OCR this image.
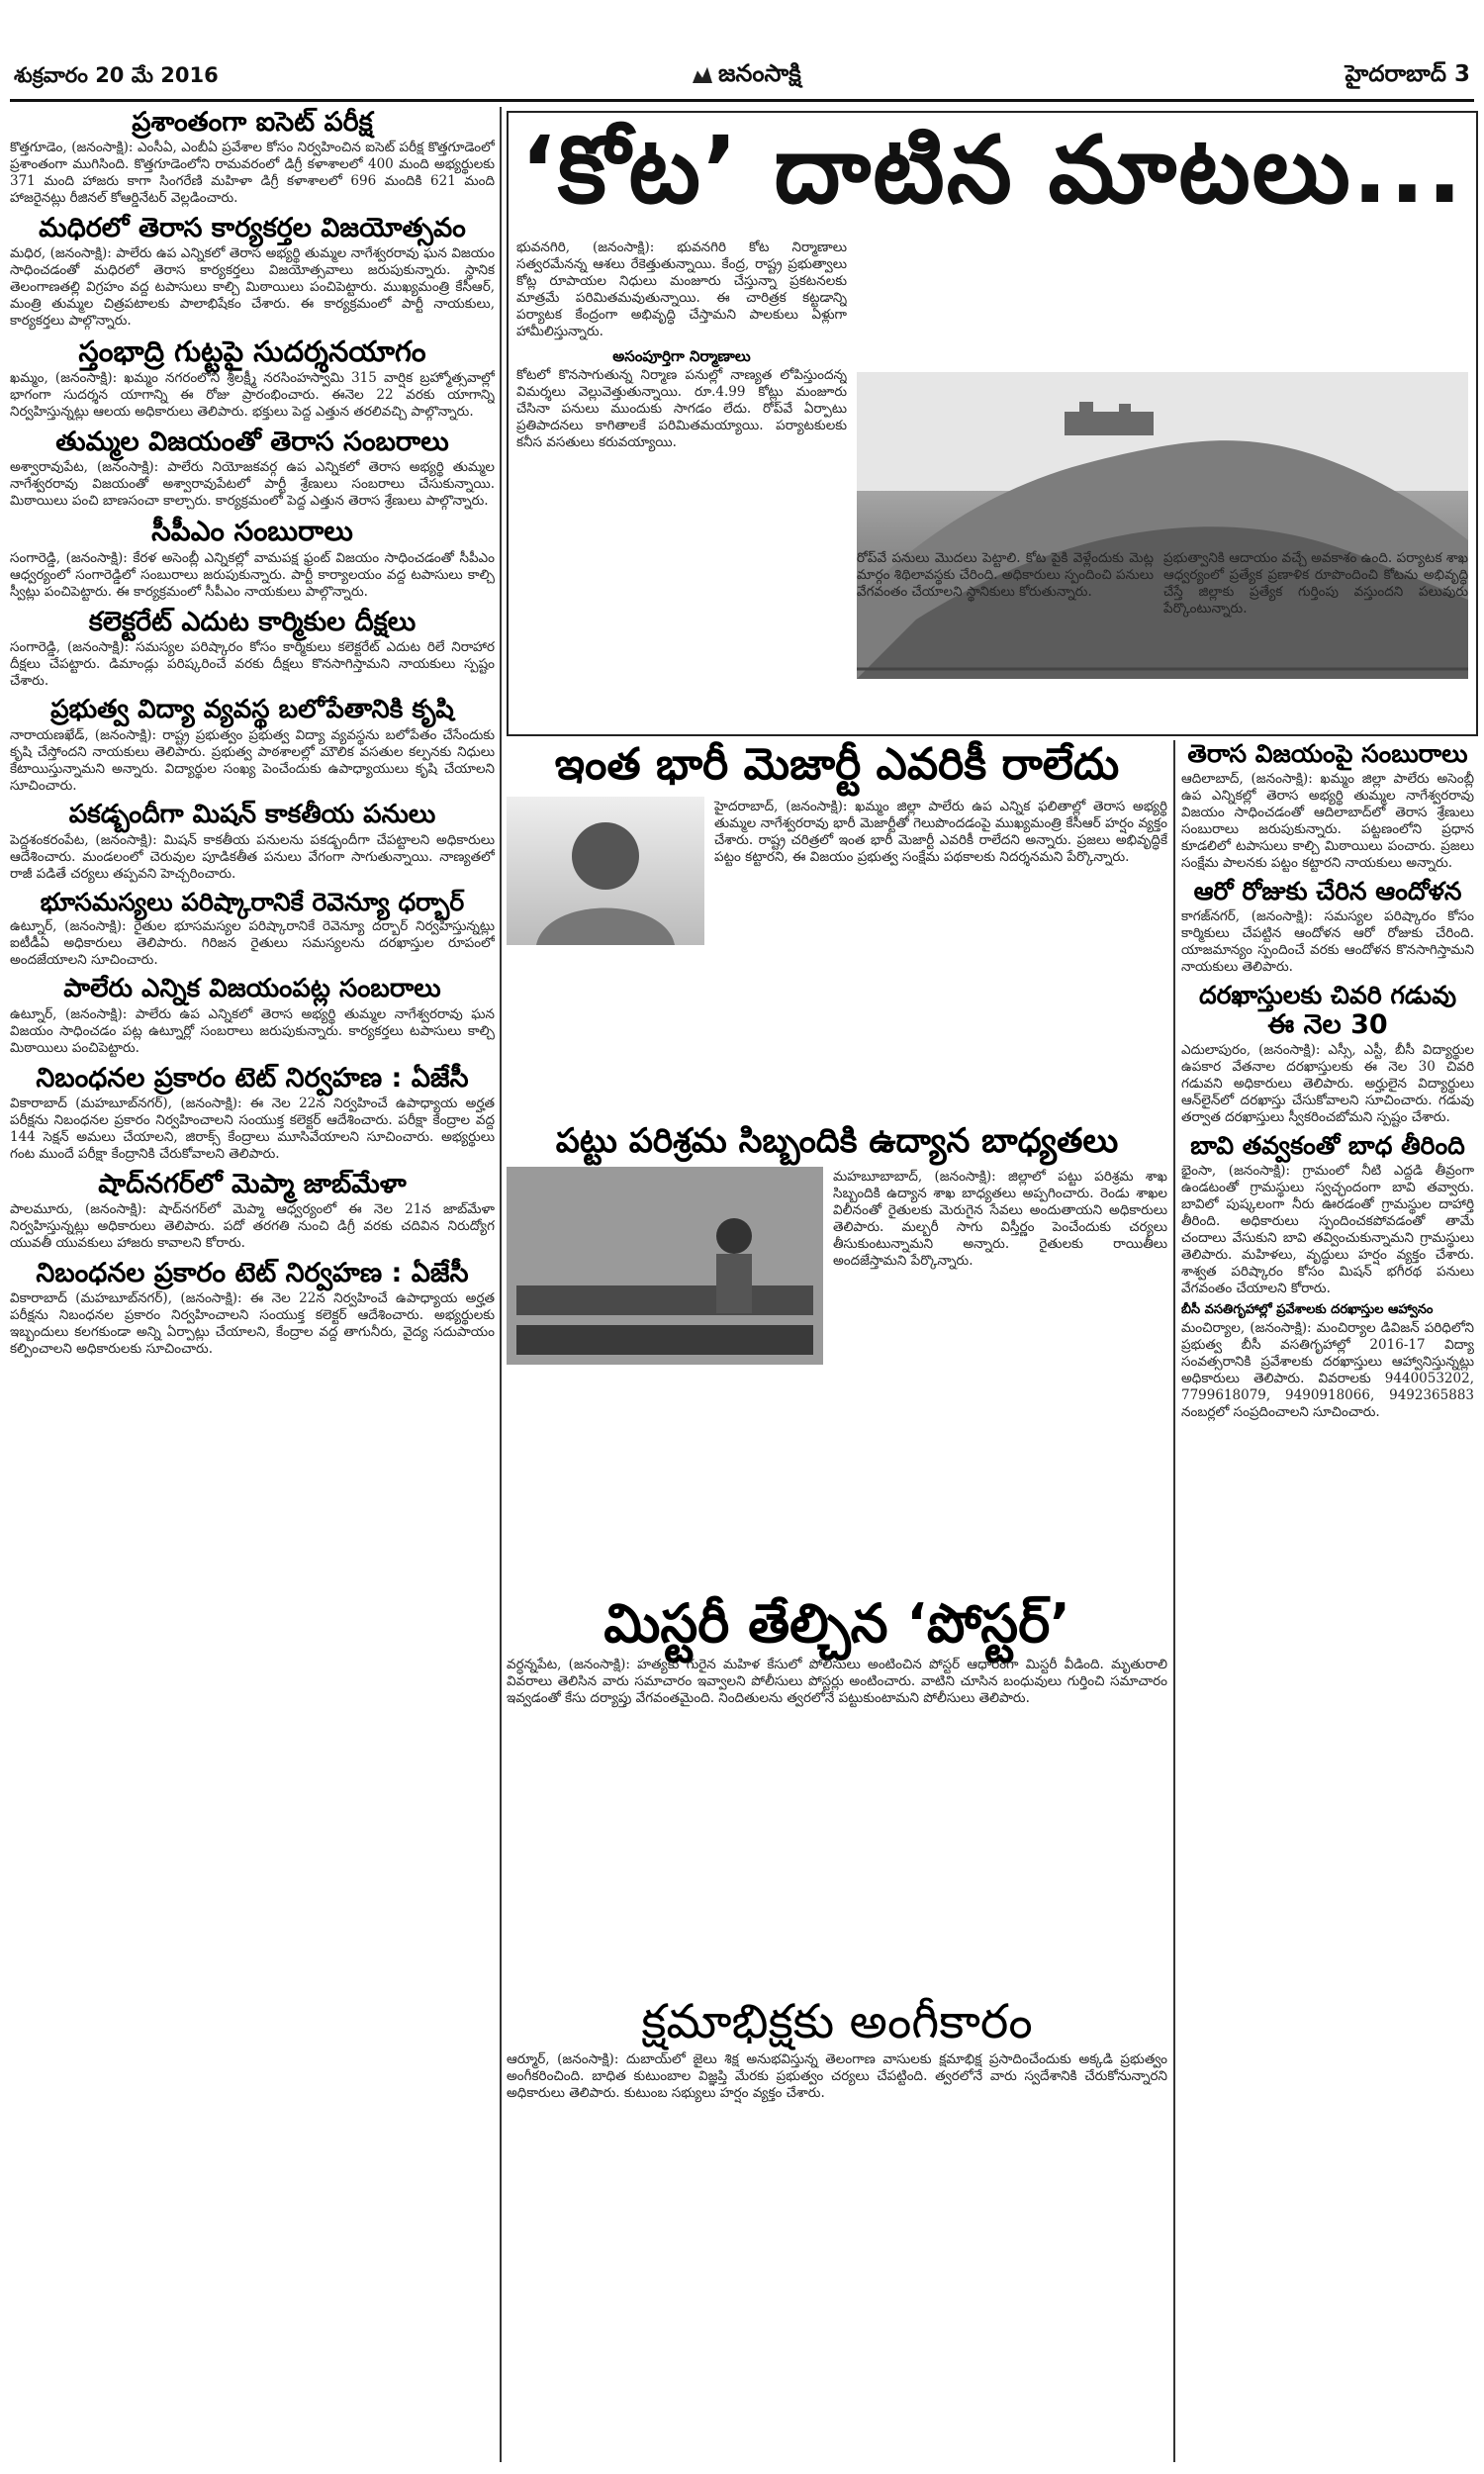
శుక్రవారం 20 మే 2016	జనంసాక్షి	హైదరాబాద్ 3
ప్రశాంతంగా ఐసెట్ పరీక్ష

కొత్తగూడెం, (జనంసాక్షి): ఎంసీఏ, ఎంబీఏ ప్రవేశాల కోసం నిర్వహించిన ఐసెట్ పరీక్ష కొత్తగూడెంలో ప్రశాంతంగా ముగిసింది. కొత్తగూడెంలోని రామవరంలో డిగ్రీ కళాశాలలో 400 మంది అభ్యర్థులకు 371 మంది హాజరు కాగా సింగరేణి మహిళా డిగ్రీ కళాశాలలో 696 మందికి 621 మంది హాజరైనట్లు రీజినల్ కోఆర్డినేటర్ వెల్లడించారు.

మధిరలో తెరాస కార్యకర్తల విజయోత్సవం

మధిర, (జనంసాక్షి): పాలేరు ఉప ఎన్నికలో తెరాస అభ్యర్థి తుమ్మల నాగేశ్వరరావు ఘన విజయం సాధించడంతో మధిరలో తెరాస కార్యకర్తలు విజయోత్సవాలు జరుపుకున్నారు. స్థానిక తెలంగాణతల్లి విగ్రహం వద్ద టపాసులు కాల్చి మిఠాయిలు పంచిపెట్టారు. ముఖ్యమంత్రి కేసీఆర్, మంత్రి తుమ్మల చిత్రపటాలకు పాలాభిషేకం చేశారు. ఈ కార్యక్రమంలో పార్టీ నాయకులు, కార్యకర్తలు పాల్గొన్నారు.

స్తంభాద్రి గుట్టపై సుదర్శనయాగం

ఖమ్మం, (జనంసాక్షి): ఖమ్మం నగరంలోని శ్రీలక్ష్మీ నరసింహస్వామి 315 వార్షిక బ్రహ్మోత్సవాల్లో భాగంగా సుదర్శన యాగాన్ని ఈ రోజు ప్రారంభించారు. ఈనెల 22 వరకు యాగాన్ని నిర్వహిస్తున్నట్లు ఆలయ అధికారులు తెలిపారు. భక్తులు పెద్ద ఎత్తున తరలివచ్చి పాల్గొన్నారు.

తుమ్మల విజయంతో తెరాస సంబరాలు

అశ్వారావుపేట, (జనంసాక్షి): పాలేరు నియోజకవర్గ ఉప ఎన్నికలో తెరాస అభ్యర్థి తుమ్మల నాగేశ్వరరావు విజయంతో అశ్వారావుపేటలో పార్టీ శ్రేణులు సంబరాలు చేసుకున్నాయి. మిఠాయిలు పంచి బాణసంచా కాల్చారు. కార్యక్రమంలో పెద్ద ఎత్తున తెరాస శ్రేణులు పాల్గొన్నారు.

సీపీఎం సంబురాలు

సంగారెడ్డి, (జనంసాక్షి): కేరళ అసెంబ్లీ ఎన్నికల్లో వామపక్ష ఫ్రంట్ విజయం సాధించడంతో సీపీఎం ఆధ్వర్యంలో సంగారెడ్డిలో సంబురాలు జరుపుకున్నారు. పార్టీ కార్యాలయం వద్ద టపాసులు కాల్చి స్వీట్లు పంచిపెట్టారు. ఈ కార్యక్రమంలో సీపీఎం నాయకులు పాల్గొన్నారు.

కలెక్టరేట్ ఎదుట కార్మికుల దీక్షలు

సంగారెడ్డి, (జనంసాక్షి): సమస్యల పరిష్కారం కోసం కార్మికులు కలెక్టరేట్ ఎదుట రిలే నిరాహార దీక్షలు చేపట్టారు. డిమాండ్లు పరిష్కరించే వరకు దీక్షలు కొనసాగిస్తామని నాయకులు స్పష్టం చేశారు.

ప్రభుత్వ విద్యా వ్యవస్థ బలోపేతానికి కృషి

నారాయణఖేడ్, (జనంసాక్షి): రాష్ట్ర ప్రభుత్వం ప్రభుత్వ విద్యా వ్యవస్థను బలోపేతం చేసేందుకు కృషి చేస్తోందని నాయకులు తెలిపారు. ప్రభుత్వ పాఠశాలల్లో మౌలిక వసతుల కల్పనకు నిధులు కేటాయిస్తున్నామని అన్నారు. విద్యార్థుల సంఖ్య పెంచేందుకు ఉపాధ్యాయులు కృషి చేయాలని సూచించారు.

పకడ్బందీగా మిషన్ కాకతీయ పనులు

పెద్దశంకరంపేట, (జనంసాక్షి): మిషన్ కాకతీయ పనులను పకడ్బందీగా చేపట్టాలని అధికారులు ఆదేశించారు. మండలంలో చెరువుల పూడికతీత పనులు వేగంగా సాగుతున్నాయి. నాణ్యతలో రాజీ పడితే చర్యలు తప్పవని హెచ్చరించారు.

భూసమస్యలు పరిష్కారానికే రెవెన్యూ ధర్బార్

ఉట్నూర్, (జనంసాక్షి): రైతుల భూసమస్యల పరిష్కారానికే రెవెన్యూ దర్బార్ నిర్వహిస్తున్నట్లు ఐటీడీఏ అధికారులు తెలిపారు. గిరిజన రైతులు సమస్యలను దరఖాస్తుల రూపంలో అందజేయాలని సూచించారు.

పాలేరు ఎన్నిక విజయంపట్ల సంబరాలు

ఉట్నూర్, (జనంసాక్షి): పాలేరు ఉప ఎన్నికలో తెరాస అభ్యర్థి తుమ్మల నాగేశ్వరరావు ఘన విజయం సాధించడం పట్ల ఉట్నూర్లో సంబరాలు జరుపుకున్నారు. కార్యకర్తలు టపాసులు కాల్చి మిఠాయిలు పంచిపెట్టారు.

నిబంధనల ప్రకారం టెట్ నిర్వహణ : ఏజేసీ

వికారాబాద్ (మహబూబ్‌నగర్), (జనంసాక్షి): ఈ నెల 22న నిర్వహించే ఉపాధ్యాయ అర్హత పరీక్షను నిబంధనల ప్రకారం నిర్వహించాలని సంయుక్త కలెక్టర్ ఆదేశించారు. పరీక్షా కేంద్రాల వద్ద 144 సెక్షన్ అమలు చేయాలని, జిరాక్స్ కేంద్రాలు మూసివేయాలని సూచించారు. అభ్యర్థులు గంట ముందే పరీక్షా కేంద్రానికి చేరుకోవాలని తెలిపారు.

షాద్‌నగర్‌లో మెప్మా జాబ్‌మేళా

పాలమూరు, (జనంసాక్షి): షాద్‌నగర్‌లో మెప్మా ఆధ్వర్యంలో ఈ నెల 21న జాబ్‌మేళా నిర్వహిస్తున్నట్లు అధికారులు తెలిపారు. పదో తరగతి నుంచి డిగ్రీ వరకు చదివిన నిరుద్యోగ యువతీ యువకులు హాజరు కావాలని కోరారు.

నిబంధనల ప్రకారం టెట్ నిర్వహణ : ఏజేసీ

వికారాబాద్ (మహబూబ్‌నగర్), (జనంసాక్షి): ఈ నెల 22న నిర్వహించే ఉపాధ్యాయ అర్హత పరీక్షను నిబంధనల ప్రకారం నిర్వహించాలని సంయుక్త కలెక్టర్ ఆదేశించారు. అభ్యర్థులకు ఇబ్బందులు కలగకుండా అన్ని ఏర్పాట్లు చేయాలని, కేంద్రాల వద్ద తాగునీరు, వైద్య సదుపాయం కల్పించాలని అధికారులకు సూచించారు.

‘కోట’ దాటిన మాటలు...

భువనగిరి, (జనంసాక్షి): భువనగిరి కోట నిర్మాణాలు సత్వరమేనన్న ఆశలు రేకెత్తుతున్నాయి. కేంద్ర, రాష్ట్ర ప్రభుత్వాలు కోట్ల రూపాయల నిధులు మంజూరు చేస్తున్నా ప్రకటనలకు మాత్రమే పరిమితమవుతున్నాయి. ఈ చారిత్రక కట్టడాన్ని పర్యాటక కేంద్రంగా అభివృద్ధి చేస్తామని పాలకులు ఏళ్లుగా హామీలిస్తున్నారు.

అసంపూర్తిగా నిర్మాణాలు

కోటలో కొనసాగుతున్న నిర్మాణ పనుల్లో నాణ్యత లోపిస్తుందన్న విమర్శలు వెల్లువెత్తుతున్నాయి. రూ.4.99 కోట్లు మంజూరు చేసినా పనులు ముందుకు సాగడం లేదు. రోప్‌వే ఏర్పాటు ప్రతిపాదనలు కాగితాలకే పరిమితమయ్యాయి. పర్యాటకులకు కనీస వసతులు కరువయ్యాయి.

రోప్‌వే పనులు మొదలు పెట్టాలి. కోట పైకి వెళ్లేందుకు మెట్ల మార్గం శిథిలావస్థకు చేరింది. అధికారులు స్పందించి పనులు వేగవంతం చేయాలని స్థానికులు కోరుతున్నారు.

ప్రభుత్వానికి ఆదాయం వచ్చే అవకాశం ఉంది. పర్యాటక శాఖ ఆధ్వర్యంలో ప్రత్యేక ప్రణాళిక రూపొందించి కోటను అభివృద్ధి చేస్తే జిల్లాకు ప్రత్యేక గుర్తింపు వస్తుందని పలువురు పేర్కొంటున్నారు.

ఇంత భారీ మెజార్టీ ఎవరికీ రాలేదు

హైదరాబాద్, (జనంసాక్షి): ఖమ్మం జిల్లా పాలేరు ఉప ఎన్నిక ఫలితాల్లో తెరాస అభ్యర్థి తుమ్మల నాగేశ్వరరావు భారీ మెజార్టీతో గెలుపొందడంపై ముఖ్యమంత్రి కేసీఆర్ హర్షం వ్యక్తం చేశారు. రాష్ట్ర చరిత్రలో ఇంత భారీ మెజార్టీ ఎవరికీ రాలేదని అన్నారు. ప్రజలు అభివృద్ధికే పట్టం కట్టారని, ఈ విజయం ప్రభుత్వ సంక్షేమ పథకాలకు నిదర్శనమని పేర్కొన్నారు.

పట్టు పరిశ్రమ సిబ్బందికి ఉద్యాన బాధ్యతలు

మహబూబాబాద్, (జనంసాక్షి): జిల్లాలో పట్టు పరిశ్రమ శాఖ సిబ్బందికి ఉద్యాన శాఖ బాధ్యతలు అప్పగించారు. రెండు శాఖల విలీనంతో రైతులకు మెరుగైన సేవలు అందుతాయని అధికారులు తెలిపారు. మల్బరీ సాగు విస్తీర్ణం పెంచేందుకు చర్యలు తీసుకుంటున్నామని అన్నారు. రైతులకు రాయితీలు అందజేస్తామని పేర్కొన్నారు.

మిస్టరీ తేల్చిన ‘పోస్టర్’

వర్ధన్నపేట, (జనంసాక్షి): హత్యకు గురైన మహిళ కేసులో పోలీసులు అంటించిన పోస్టర్ ఆధారంగా మిస్టరీ వీడింది. మృతురాలి వివరాలు తెలిసిన వారు సమాచారం ఇవ్వాలని పోలీసులు పోస్టర్లు అంటించారు. వాటిని చూసిన బంధువులు గుర్తించి సమాచారం ఇవ్వడంతో కేసు దర్యాప్తు వేగవంతమైంది. నిందితులను త్వరలోనే పట్టుకుంటామని పోలీసులు తెలిపారు.

క్షమాభిక్షకు అంగీకారం

ఆర్మూర్, (జనంసాక్షి): దుబాయ్‌లో జైలు శిక్ష అనుభవిస్తున్న తెలంగాణ వాసులకు క్షమాభిక్ష ప్రసాదించేందుకు అక్కడి ప్రభుత్వం అంగీకరించింది. బాధిత కుటుంబాల విజ్ఞప్తి మేరకు ప్రభుత్వం చర్యలు చేపట్టింది. త్వరలోనే వారు స్వదేశానికి చేరుకోనున్నారని అధికారులు తెలిపారు. కుటుంబ సభ్యులు హర్షం వ్యక్తం చేశారు.

తెరాస విజయంపై సంబురాలు

ఆదిలాబాద్, (జనంసాక్షి): ఖమ్మం జిల్లా పాలేరు అసెంబ్లీ ఉప ఎన్నికల్లో తెరాస అభ్యర్థి తుమ్మల నాగేశ్వరరావు విజయం సాధించడంతో ఆదిలాబాద్‌లో తెరాస శ్రేణులు సంబురాలు జరుపుకున్నారు. పట్టణంలోని ప్రధాన కూడలిలో టపాసులు కాల్చి మిఠాయిలు పంచారు. ప్రజలు సంక్షేమ పాలనకు పట్టం కట్టారని నాయకులు అన్నారు.

ఆరో రోజుకు చేరిన ఆందోళన

కాగజ్‌నగర్, (జనంసాక్షి): సమస్యల పరిష్కారం కోసం కార్మికులు చేపట్టిన ఆందోళన ఆరో రోజుకు చేరింది. యాజమాన్యం స్పందించే వరకు ఆందోళన కొనసాగిస్తామని నాయకులు తెలిపారు.

దరఖాస్తులకు చివరి గడువు
ఈ నెల 30

ఎదులాపురం, (జనంసాక్షి): ఎస్సీ, ఎస్టీ, బీసీ విద్యార్థుల ఉపకార వేతనాల దరఖాస్తులకు ఈ నెల 30 చివరి గడువని అధికారులు తెలిపారు. అర్హులైన విద్యార్థులు ఆన్‌లైన్‌లో దరఖాస్తు చేసుకోవాలని సూచించారు. గడువు తర్వాత దరఖాస్తులు స్వీకరించబోమని స్పష్టం చేశారు.

బావి తవ్వకంతో బాధ తీరింది

భైంసా, (జనంసాక్షి): గ్రామంలో నీటి ఎద్దడి తీవ్రంగా ఉండటంతో గ్రామస్థులు స్వచ్ఛందంగా బావి తవ్వారు. బావిలో పుష్కలంగా నీరు ఊరడంతో గ్రామస్థుల దాహార్తి తీరింది. అధికారులు స్పందించకపోవడంతో తామే చందాలు వేసుకుని బావి తవ్వించుకున్నామని గ్రామస్థులు తెలిపారు. మహిళలు, వృద్ధులు హర్షం వ్యక్తం చేశారు. శాశ్వత పరిష్కారం కోసం మిషన్ భగీరథ పనులు వేగవంతం చేయాలని కోరారు.

బీసీ వసతిగృహాల్లో ప్రవేశాలకు దరఖాస్తుల ఆహ్వానం

మంచిర్యాల, (జనంసాక్షి): మంచిర్యాల డివిజన్ పరిధిలోని ప్రభుత్వ బీసీ వసతిగృహాల్లో 2016-17 విద్యా సంవత్సరానికి ప్రవేశాలకు దరఖాస్తులు ఆహ్వానిస్తున్నట్లు అధికారులు తెలిపారు. వివరాలకు 9440053202, 7799618079, 9490918066, 9492365883 నంబర్లలో సంప్రదించాలని సూచించారు.
